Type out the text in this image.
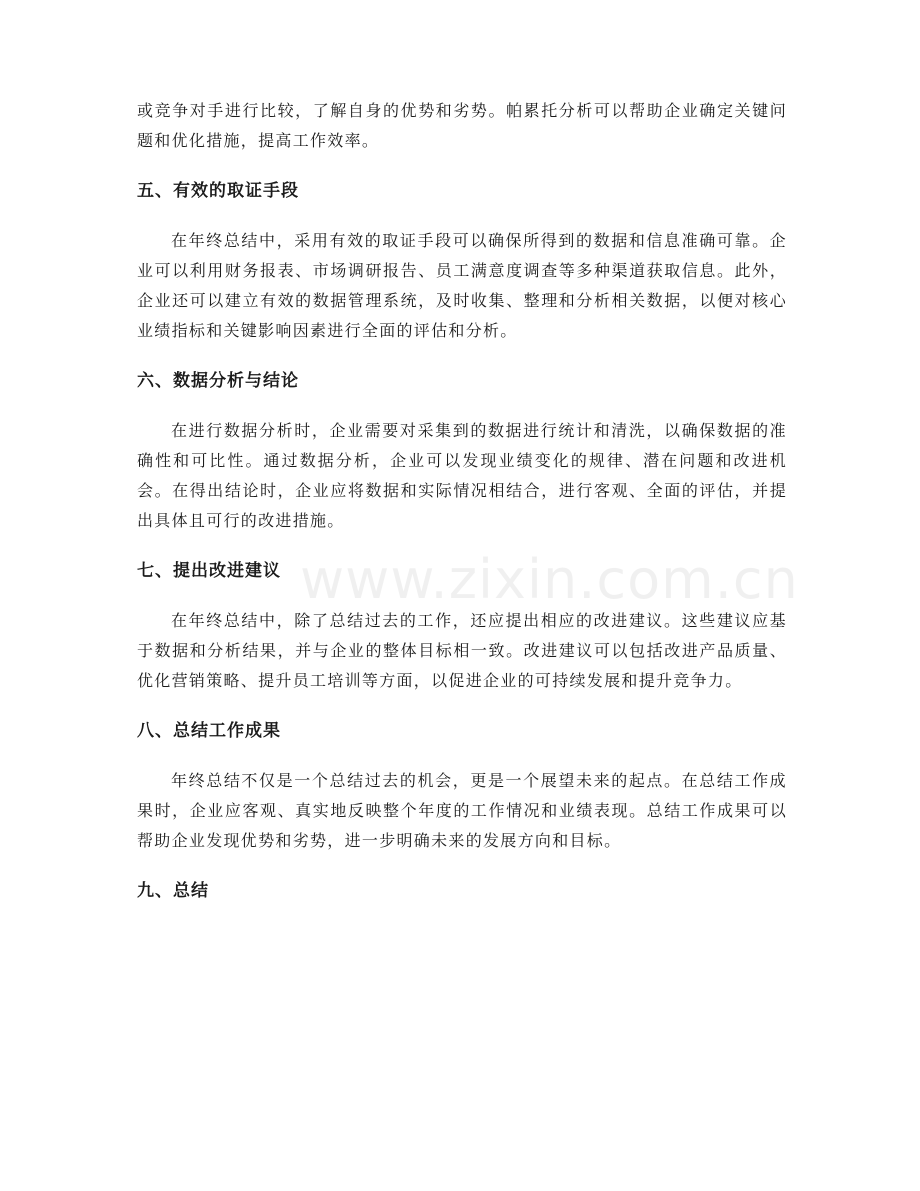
www.zixin.com.cn

或竞争对手进行比较，了解自身的优势和劣势。帕累托分析可以帮助企业确定关键问题和优化措施，提高工作效率。

五、有效的取证手段

在年终总结中，采用有效的取证手段可以确保所得到的数据和信息准确可靠。企业可以利用财务报表、市场调研报告、员工满意度调查等多种渠道获取信息。此外，企业还可以建立有效的数据管理系统，及时收集、整理和分析相关数据，以便对核心业绩指标和关键影响因素进行全面的评估和分析。

六、数据分析与结论

在进行数据分析时，企业需要对采集到的数据进行统计和清洗，以确保数据的准确性和可比性。通过数据分析，企业可以发现业绩变化的规律、潜在问题和改进机会。在得出结论时，企业应将数据和实际情况相结合，进行客观、全面的评估，并提出具体且可行的改进措施。

七、提出改进建议

在年终总结中，除了总结过去的工作，还应提出相应的改进建议。这些建议应基于数据和分析结果，并与企业的整体目标相一致。改进建议可以包括改进产品质量、优化营销策略、提升员工培训等方面，以促进企业的可持续发展和提升竞争力。

八、总结工作成果

年终总结不仅是一个总结过去的机会，更是一个展望未来的起点。在总结工作成果时，企业应客观、真实地反映整个年度的工作情况和业绩表现。总结工作成果可以帮助企业发现优势和劣势，进一步明确未来的发展方向和目标。

九、总结
